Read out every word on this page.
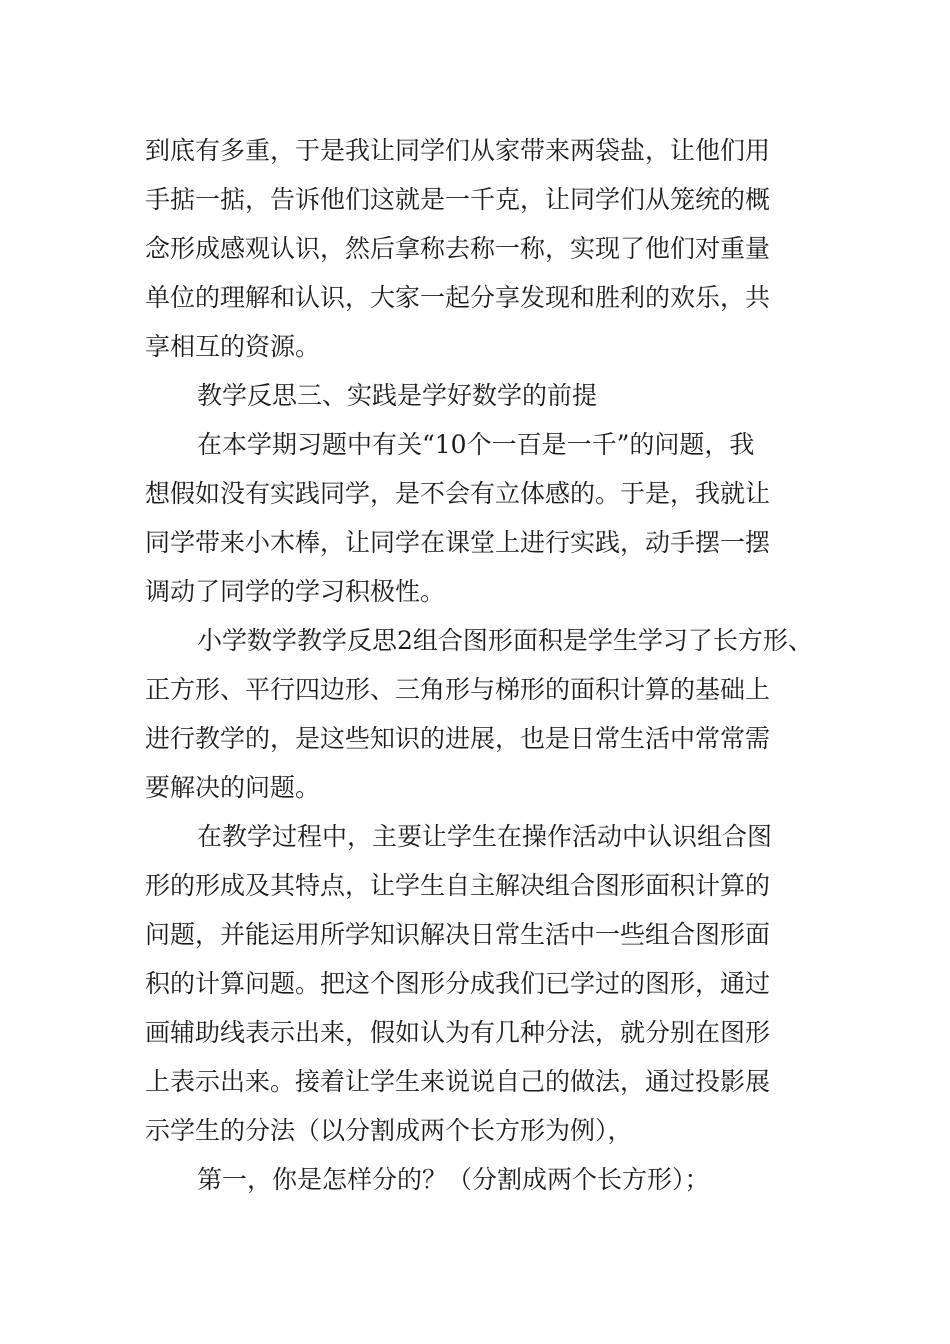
到底有多重，于是我让同学们从家带来两袋盐，让他们用
手掂一掂，告诉他们这就是一千克，让同学们从笼统的概
念形成感观认识，然后拿称去称一称，实现了他们对重量
单位的理解和认识，大家一起分享发现和胜利的欢乐，共
享相互的资源。
教学反思三、实践是学好数学的前提
在本学期习题中有关“10个一百是一千”的问题，我
想假如没有实践同学，是不会有立体感的。于是，我就让
同学带来小木棒，让同学在课堂上进行实践，动手摆一摆
调动了同学的学习积极性。
小学数学教学反思2组合图形面积是学生学习了长方形、
正方形、平行四边形、三角形与梯形的面积计算的基础上
进行教学的，是这些知识的进展，也是日常生活中常常需
要解决的问题。
在教学过程中，主要让学生在操作活动中认识组合图
形的形成及其特点，让学生自主解决组合图形面积计算的
问题，并能运用所学知识解决日常生活中一些组合图形面
积的计算问题。把这个图形分成我们已学过的图形，通过
画辅助线表示出来，假如认为有几种分法，就分别在图形
上表示出来。接着让学生来说说自己的做法，通过投影展
示学生的分法（以分割成两个长方形为例），
第一，你是怎样分的？（分割成两个长方形）；
